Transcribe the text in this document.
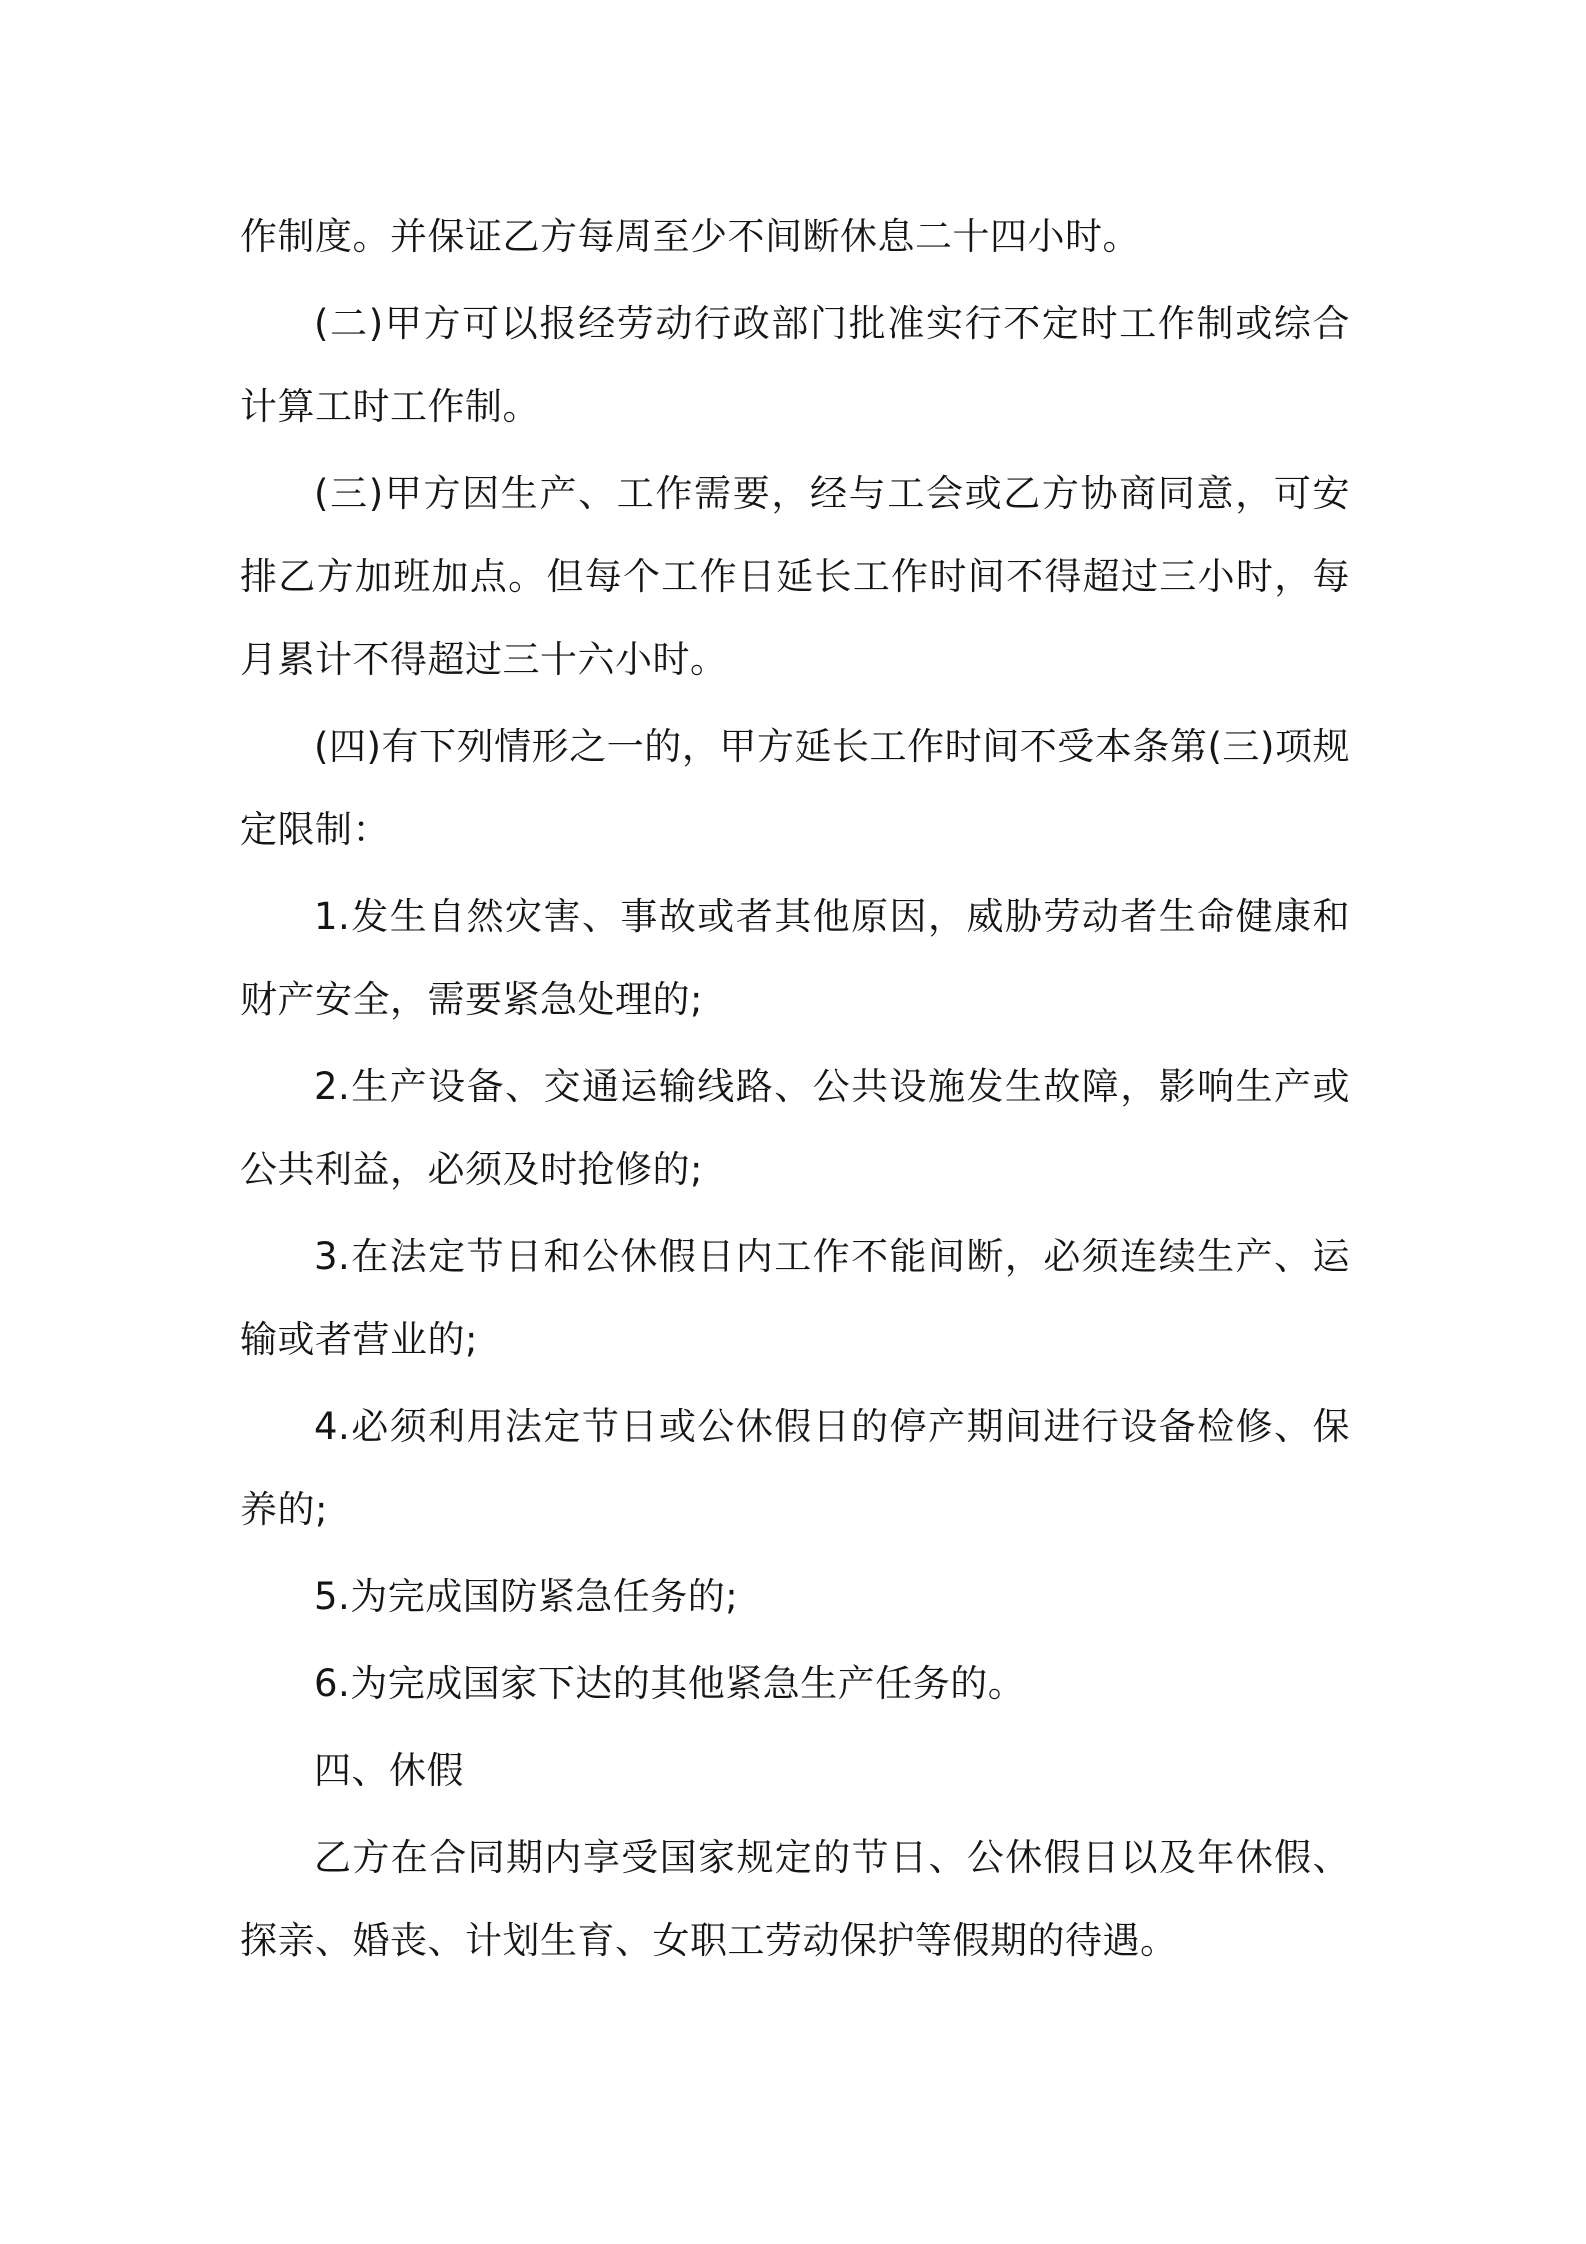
作制度。并保证乙方每周至少不间断休息二十四小时。

(二)甲方可以报经劳动行政部门批准实行不定时工作制或综合计算工时工作制。

(三)甲方因生产、工作需要，经与工会或乙方协商同意，可安排乙方加班加点。但每个工作日延长工作时间不得超过三小时，每月累计不得超过三十六小时。

(四)有下列情形之一的，甲方延长工作时间不受本条第(三)项规定限制：

1.发生自然灾害、事故或者其他原因，威胁劳动者生命健康和财产安全，需要紧急处理的;

2.生产设备、交通运输线路、公共设施发生故障，影响生产或公共利益，必须及时抢修的;

3.在法定节日和公休假日内工作不能间断，必须连续生产、运输或者营业的;

4.必须利用法定节日或公休假日的停产期间进行设备检修、保养的;

5.为完成国防紧急任务的;

6.为完成国家下达的其他紧急生产任务的。

四、休假

乙方在合同期内享受国家规定的节日、公休假日以及年休假、探亲、婚丧、计划生育、女职工劳动保护等假期的待遇。
